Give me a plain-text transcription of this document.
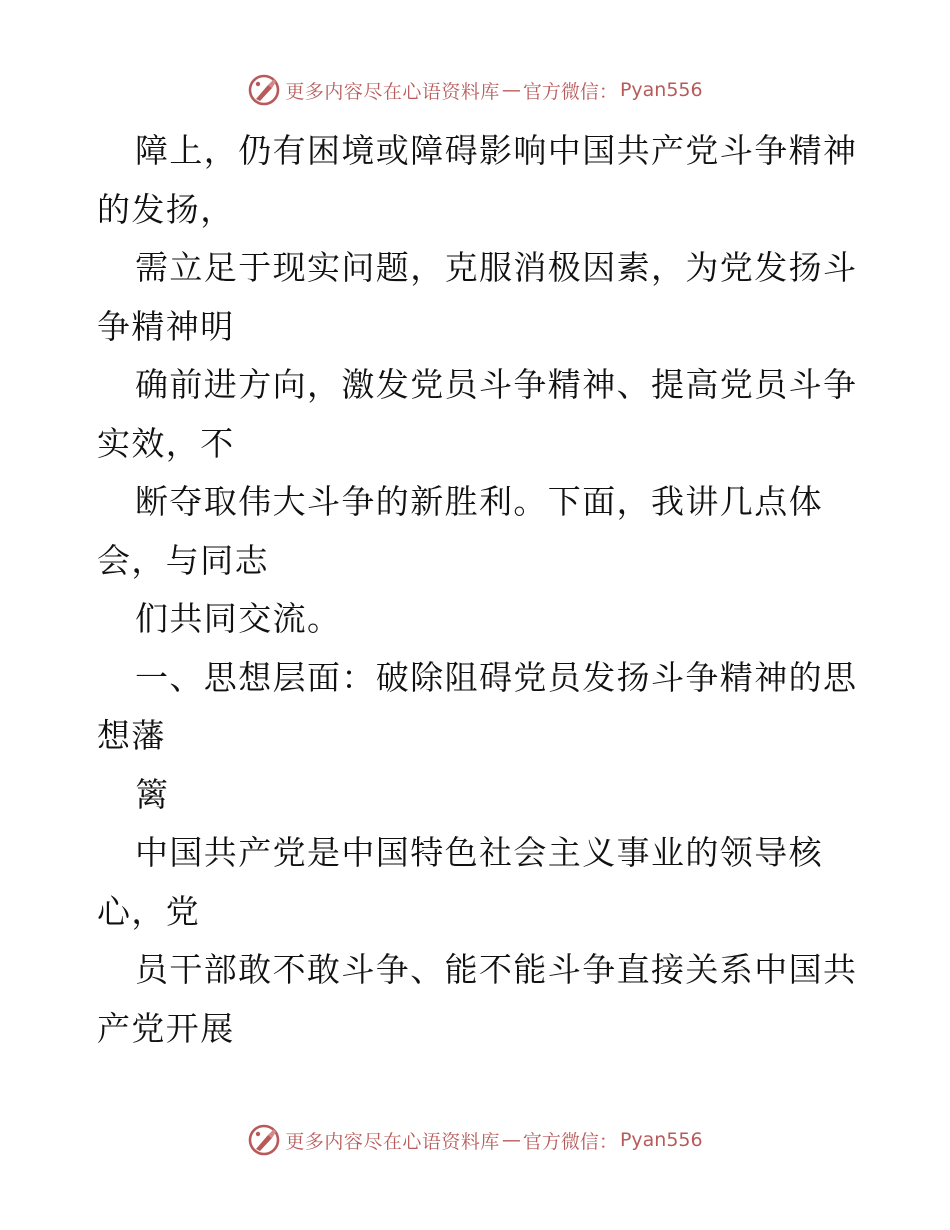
更多内容尽在心语资料库 — 官方微信： Pyan556
障上，仍有困境或障碍影响中国共产党斗争精神
的发扬，
需立足于现实问题，克服消极因素，为党发扬斗
争精神明
确前进方向，激发党员斗争精神、提高党员斗争
实效，不
断夺取伟大斗争的新胜利。下面，我讲几点体
会，与同志
们共同交流。
一、思想层面：破除阻碍党员发扬斗争精神的思
想藩
篱
中国共产党是中国特色社会主义事业的领导核
心，党
员干部敢不敢斗争、能不能斗争直接关系中国共
产党开展
更多内容尽在心语资料库 — 官方微信： Pyan556
